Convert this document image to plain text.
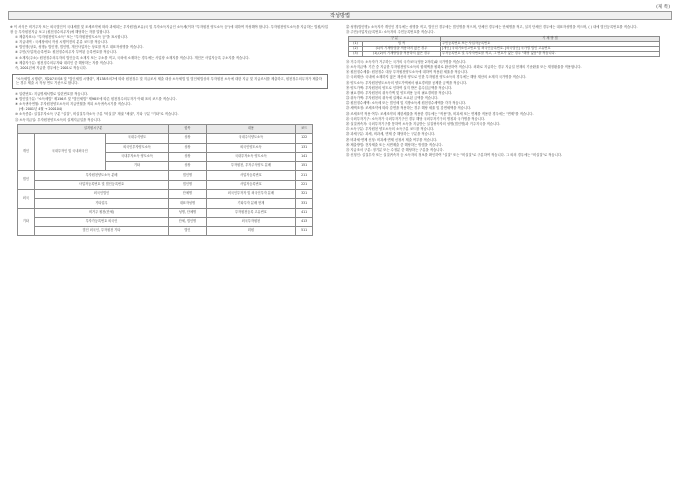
(제 쪽)
작성방법
※ 이 서식은 비거주자 또는 외국법인이 국내세법 및 조세조약에 따라 과세되는 투자원천(보유)국 및 투자소득지급인 소득세(이하 "투자원천 양도소득 등")에 대하여 작성해야 합니다. 투자원천양도소득을 지급하는 법원/사업장 등 투자원천지급 보고 (원천징수의무자)에 해당하는 자를 말합니다.
① 제출자표시: "투자원천양도소득" 또는 "투자원천양도소득 등"을 표시합니다.
② 지급내역 : 국세청에서 작성 시행이전의 분류 코드를 적습니다.
③ 법인명(상호, 성명): 법인명, 법인명, 개인사업자는 상호를 적고 대표자성명을 적습니다.
④ 주민(사업자)등록번호: 원천징수의무자 부여된 등록번호를 적습니다.
⑤ 소재지(주소): 원천징수의무자의 법인등록 소재지 또는 주소를 적고, 국외에 소재하는 경우에는 사업장 소재지를 적습니다. 개인은 사업자등록 주소지를 적습니다.
⑥ 제출자구분: 원천징수의무자와 대리인 중 해당하는 자를 적습니다.
즉, 2001년에 지급한 경우에는 2001로 적습니다.
"소득세법 시행령", 제207조의8 및 "법인세법 시행령", 제138조의7에 따라 원천징수 및 지급조서 제출 대상 소득세법 및 법인세법상의 투자원천 소득에 대한 지급 및 지급조서를 제출하고, 원천징수의무자가 제출하는 경우 제출 시 작성 연도 기준으로 합니다.
⑦ 일련번호: 지급명세서별로 일련번호를 적습니다.
⑧ 법인및구분: "소득세법" 제156조 및 "법인세법" 제98조에 따른 원천징수의무자가 아래 표의 코드를 적습니다.
⑨ 소득귀속연월: 투자원천양도소득의 지급연월을 적되 소득귀속시기를 적습니다.
(예: 2001년 4월 → 200104)
⑩ 소득종류: 실질투자소득 구분 "실질", 비실질투자소득 구분 "비실질" 재권 "채권", 기타 구분 "기타"로 적습니다.
⑪ 소득지급일: 투자원천양도소득의 실제지급일을 적습니다.
실지원시구분			항목	내용	코드
개인	국내투자인 및 국내외국인	국내주식양도	상장	국내주식양도소득	122
		외국인투자양도소득	상장	외국인양도소득	131
		국내투자소득 양도소득	상장	국내투자소득 양도소득	141
		기타	상장	투자원천, 투자주식양도 분배	151
법인	투자원천양도소득 분배		법인명	사업자등록번호	211
	사업자등록번호 및 법인등록번호		법인명	사업자등록번호	221
외국	외국인법인		단체명	외국인투자자 및 외국인투자 분배	321
	기타업무		대표자성명	기타투자 분배 현재	331
기타	비거주 원천(단체)		성명, 단체명	투자원천등록 고유번호	411
	투자가등록번호 외국인		단체, 법인명	외국투자원천	413
	법인 외국인, 투자원천 기타		법인	회원	511
⑫ 성명(법인명): 소득자가 개인인 경우에는 성명을 적고, 법인인 경우에는 법인명을 적으며, 단체인 경우에는 단체명을 적고, 실지 단체인 경우에는 대표자성명을 적으며, ( ) 내에 법인등록번호를 적습니다.
⑬ 주민(사업자)등록번호: 소득자의 주민등록번호를 적습니다.
구 분		기 재 방 법
(1)	법 적	주민등록번호 또는 사업자등록번호
(2)	(1)의 기재방법을 적용하지 않은 경우	[개인] 국내거소신고번호 및 외국인등록번호. [외국법인] 국가별 법인 고유번호
(3)	(1),(2)의 기재방법을 적용하지 않은 경우	투자등록번호 및 투자자번호를 적고, 그 번호가 없는 경우 "해당 없음"을 적습니다.
⑭ 거주지국: 소득자가 거주하는 국가의 국가코드(영문 2자리)와 국가명을 적습니다.
⑮ 소득지급액: 기간 중 지급한 투자원천양도소득의 합계액을 원화로 환산하여 적습니다. 외화로 지급하는 경우 지급일 현재의 기준환율 또는 재정환율을 적용합니다.
⑯ 원천징수세율: 원천징수 대상 투자원천양도소득에 대하여 적용된 세율을 적습니다.
⑰ 국외재산: 국내에 소재하지 않은 재산의 양도로 인한 투자원천 양도소득의 경우에는 해당 재산의 소재지 국가명을 적습니다.
⑱ 양도소득: 투자원천양도소득의 양도가액에서 필요경비를 공제한 금액을 적습니다.
⑲ 양도가액: 투자원천의 양도로 인하여 실지 받은 총수입금액을 적습니다.
⑳ 필요경비: 투자원천의 취득가액 및 양도비용 등의 필요경비를 적습니다.
㉑ 취득가액: 투자원천의 취득에 실제로 소요된 금액을 적습니다.
㉒ 원천징수세액: 소득세 또는 법인세 및 지방소득세 원천징수세액을 각각 적습니다.
㉓ 세액조정: 조세조약에 따라 감면을 적용하는 경우 해당 세율 및 감면세액을 적습니다.
㉔ 조세조약 적용 여부: 조세조약의 제한세율을 적용한 경우에는 "적용"을, 비과세 또는 면제를 적용한 경우에는 "면제"를 적습니다.
㉕ 국외투자기구: 소득자가 국외투자기구인 경우 해당 국외투자기구의 명칭과 국가명을 적습니다.
㉖ 실질귀속자: 국외투자기구를 통하여 소득을 지급받는 실질귀속자의 성명(법인명)과 거주지국을 적습니다.
㉗ 소득구분: 투자원천 양도소득의 소득구분 코드를 적습니다.
㉘ 과세구분: 과세, 비과세, 면제 중 해당하는 구분을 적습니다.
㉙ 비과세·면제 신청: 비과세·면제 신청서 제출 여부를 적습니다.
㉚ 제출방법: 전자제출 또는 서면제출 중 해당하는 방법을 적습니다.
㉛ 지급조서 구분: 정기분 또는 수정분 중 해당하는 구분을 적습니다.
㉜ 신청인: 실질투자 또는 실질귀속자 등 소득자의 정보를 확인하여 "실질" 또는 "비실질"로 구분하여 적습니다. 그 외의 경우에는 "비실질"로 적습니다.
